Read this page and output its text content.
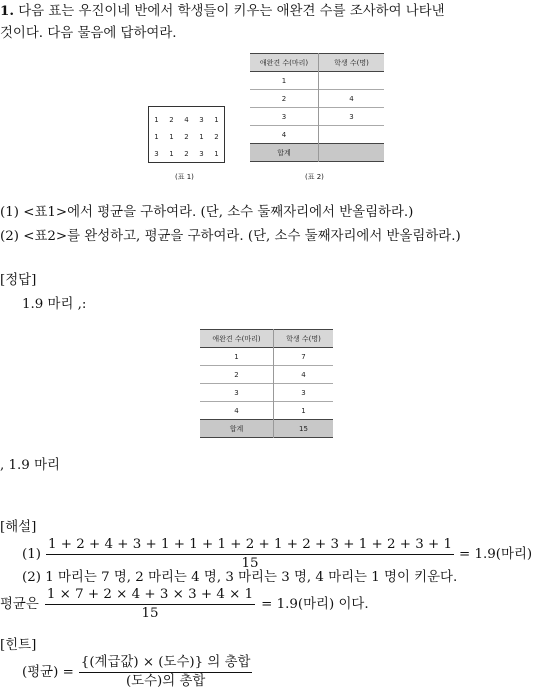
1. 다음 표는 우진이네 반에서 학생들이 키우는 애완견 수를 조사하여 나타낸
것이다. 다음 물음에 답하여라.
1	2	4	3	1
1	1	2	1	2
3	1	2	3	1
(표 1)
애완견 수(마리)	학생 수(명)
1	
2	4
3	3
4	
합계	
(표 2)
(1) <표1>에서 평균을 구하여라. (단, 소수 둘째자리에서 반올림하라.)
(2) <표2>를 완성하고, 평균을 구하여라. (단, 소수 둘째자리에서 반올림하라.)
[정답]
1.9 마리 ,:
애완견 수(마리)	학생 수(명)
1	7
2	4
3	3
4	1
합계	15
, 1.9 마리
[해설]
$(1) \frac{1 + 2 + 4 + 3 + 1 + 1 + 1 + 2 + 1 + 2 + 3 + 1 + 2 + 3 + 1}{15} = 1.9$(마리)
(2) 1 마리는 7 명, 2 마리는 4 명, 3 마리는 3 명, 4 마리는 1 명이 키운다.
평균은 $\frac{1 \times 7 + 2 \times 4 + 3 \times 3 + 4 \times 1}{15} = 1.9$(마리) 이다.
[힌트]
(평균) = $\frac{\text{\{(계급값) × (도수)\} 의 총합}}{\text{(도수)의 총합}}$
